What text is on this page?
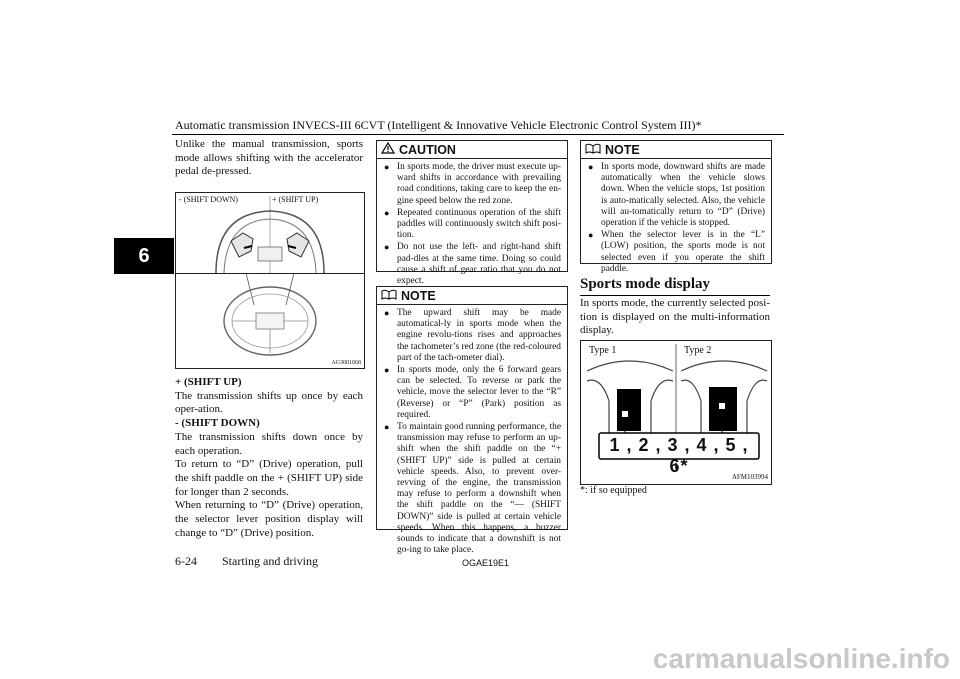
Automatic transmission INVECS-III 6CVT (Intelligent & Innovative Vehicle Electronic Control System III)*
6

Unlike the manual transmission, sports mode allows shifting with the accelerator pedal de-pressed.

- (SHIFT DOWN)	+ (SHIFT UP)
AG3001068

+ (SHIFT UP)

The transmission shifts up once by each oper-ation.

- (SHIFT DOWN)

The transmission shifts down once by each operation.

To return to “D” (Drive) operation, pull the shift paddle on the + (SHIFT UP) side for longer than 2 seconds.

When returning to “D” (Drive) operation, the selector lever position display will change to “D” (Drive) position.

CAUTION
● In sports mode, the driver must execute up-ward shifts in accordance with prevailing road conditions, taking care to keep the en-gine speed below the red zone.
● Repeated continuous operation of the shift paddles will continuously switch shift posi-tion.
● Do not use the left- and right-hand shift pad-dles at the same time. Doing so could cause a shift of gear ratio that you do not expect.
NOTE
● The upward shift may be made automatical-ly in sports mode when the engine revolu-tions rises and approaches the tachometer’s red zone (the red-coloured part of the tach-ometer dial).
● In sports mode, only the 6 forward gears can be selected. To reverse or park the vehicle, move the selector lever to the “R” (Reverse) or “P” (Park) position as required.
● To maintain good running performance, the transmission may refuse to perform an up-shift when the shift paddle on the “+ (SHIFT UP)” side is pulled at certain vehicle speeds. Also, to prevent over-revving of the engine, the transmission may refuse to perform a downshift when the shift paddle on the “— (SHIFT DOWN)” side is pulled at certain vehicle speeds. When this happens, a buzzer sounds to indicate that a downshift is not go-ing to take place.
NOTE
● In sports mode, downward shifts are made automatically when the vehicle slows down. When the vehicle stops, 1st position is auto-matically selected. Also, the vehicle will au-tomatically return to “D” (Drive) operation if the vehicle is stopped.
● When the selector lever is in the “L” (LOW) position, the sports mode is not selected even if you operate the shift paddle.
Sports mode display

In sports mode, the currently selected posi-tion is displayed on the multi-information display.

Type 1	Type 2
1 , 2 , 3 , 4 , 5 , 6*
AFM103994
*: if so equipped
6-24 Starting and driving	OGAE19E1
carmanualsonline.info
